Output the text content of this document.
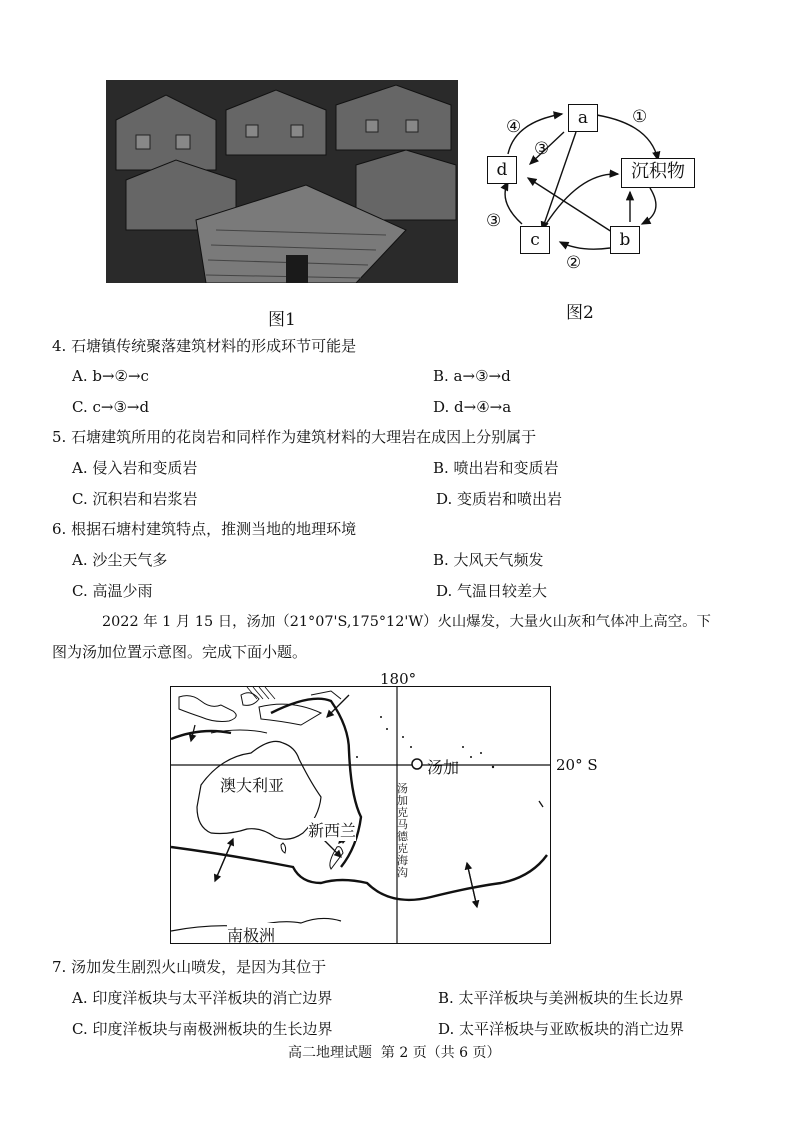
图1
a
d
c	b
沉积物
①
②
③
③
④
图2
4. 石塘镇传统聚落建筑材料的形成环节可能是
A. b→②→c	B. a→③→d
C. c→③→d	D. d→④→a
5. 石塘建筑所用的花岗岩和同样作为建筑材料的大理岩在成因上分别属于
A. 侵入岩和变质岩	B. 喷出岩和变质岩
C. 沉积岩和岩浆岩	D. 变质岩和喷出岩
6. 根据石塘村建筑特点，推测当地的地理环境
A. 沙尘天气多	B. 大风天气频发
C. 高温少雨	D. 气温日较差大
2022 年 1 月 15 日，汤加（21°07'S,175°12'W）火山爆发，大量火山灰和气体冲上高空。下
图为汤加位置示意图。完成下面小题。
180°
20° S
澳大利亚
新西兰
汤加
汤加克马德克海沟
南极洲
7. 汤加发生剧烈火山喷发，是因为其位于
A. 印度洋板块与太平洋板块的消亡边界	B. 太平洋板块与美洲板块的生长边界
C. 印度洋板块与南极洲板块的生长边界	D. 太平洋板块与亚欧板块的消亡边界
高二地理试题  第 2 页（共 6 页）
